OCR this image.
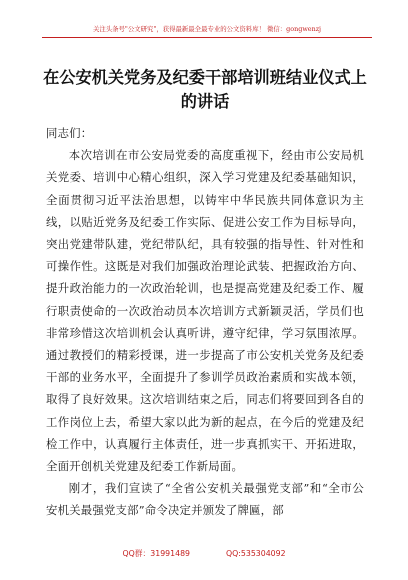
关注头条号"公文研究"，获得最新最全最专业的公文资料库！ 微信：gongwenzj
在公安机关党务及纪委干部培训班结业仪式上的讲话

同志们：

本次培训在市公安局党委的高度重视下，经由市公安局机关党委、培训中心精心组织，深入学习党建及纪委基础知识，全面贯彻习近平法治思想，以铸牢中华民族共同体意识为主线，以贴近党务及纪委工作实际、促进公安工作为目标导向，突出党建带队建，党纪带队纪，具有较强的指导性、针对性和可操作性。这既是对我们加强政治理论武装、把握政治方向、提升政治能力的一次政治轮训，也是提高党建及纪委工作、履行职责使命的一次政治动员本次培训方式新颖灵活，学员们也非常珍惜这次培训机会认真听讲，遵守纪律，学习氛围浓厚。通过教授们的精彩授课，进一步提高了市公安机关党务及纪委干部的业务水平，全面提升了参训学员政治素质和实战本领，取得了良好效果。这次培训结束之后，同志们将要回到各自的工作岗位上去，希望大家以此为新的起点，在今后的党建及纪检工作中，认真履行主体责任，进一步真抓实干、开拓进取，全面开创机关党建及纪委工作新局面。

刚才，我们宣读了“全省公安机关最强党支部”和“全市公安机关最强党支部”命令决定并颁发了牌匾，部

QQ群：31991489	QQ:535304092
